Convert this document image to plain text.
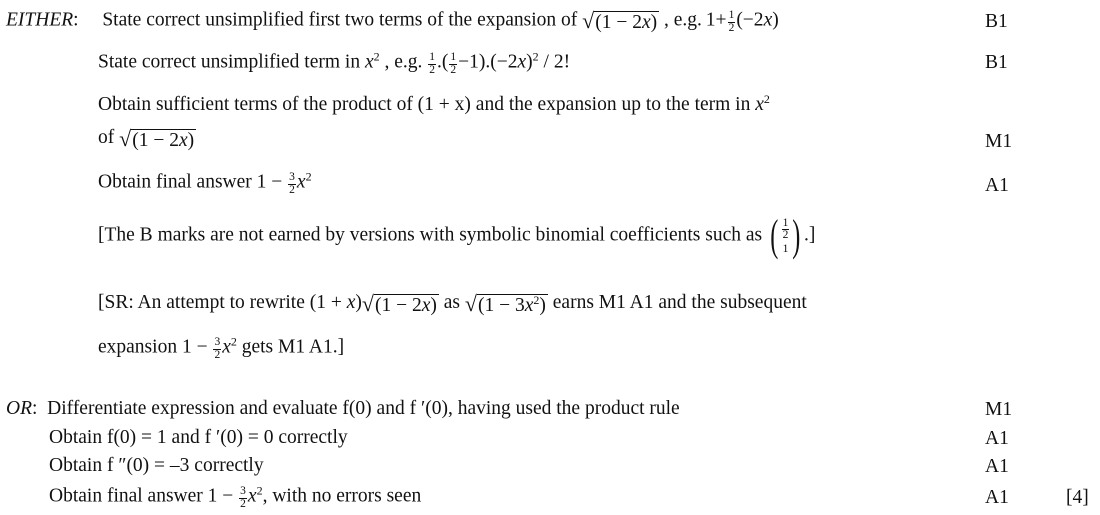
EITHER:  State correct unsimplified first two terms of the expansion of √ (1 − 2x) , e.g. $1+ \frac{1}{2} (-2x)$	B1
State correct unsimplified term in $x^2$ , e.g. $\frac{1}{2}$ .( $\frac{1}{2} -1).(-2x)^2 / 2$!	B1
Obtain sufficient terms of the product of (1 + x) and the expansion up to the term in $x^2$
of √ (1 − 2x)	M1
Obtain final answer $1 - \frac{3}{2} x^2$	A1
[The B marks are not earned by versions with symbolic binomial coefficients such as ( $\frac{1}{2}$
1 ) .]
[SR: An attempt to rewrite (1 + x) √ (1 − 2x) as √ $(1 - 3x^2)$ earns M1 A1 and the subsequent
expansion $1 - \frac{3}{2} x^2$ gets M1 A1.]
OR:  Differentiate expression and evaluate f(0) and f ′(0), having used the product rule	M1
Obtain f(0) = 1 and f ′(0) = 0 correctly	A1
Obtain f ″(0) = –3 correctly	A1
Obtain final answer $1 - \frac{3}{2} x^2$, with no errors seen	A1	[4]
